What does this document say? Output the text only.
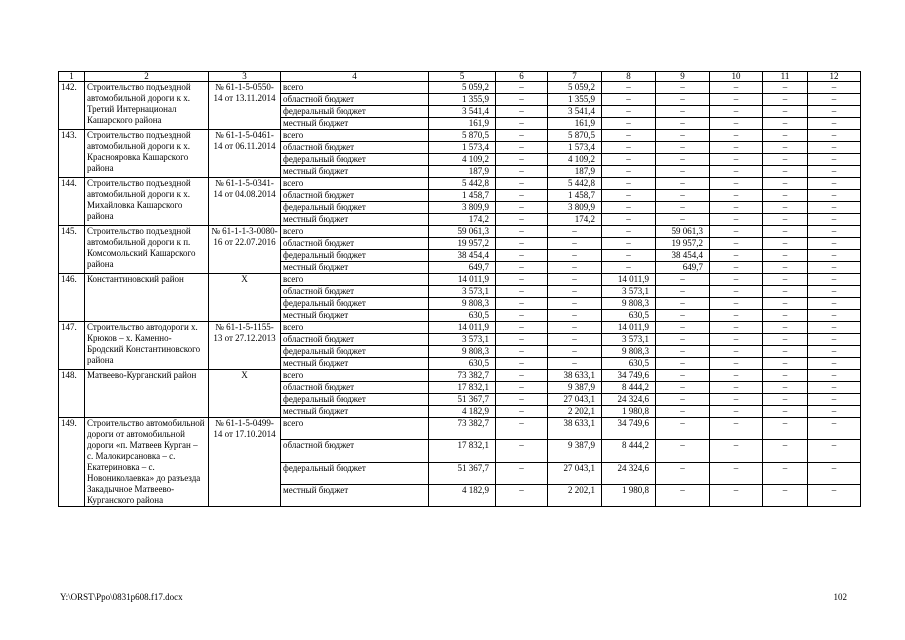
1	2	3	4	5	6	7	8	9	10	11	12
142.	Строительство подъездной автомобильной дороги к х. Третий Интернационал Кашарского района	№ 61-1-5-0550-14 от 13.11.2014	всего	5 059,2	–	5 059,2	–	–	–	–	–
			областной бюджет	1 355,9	–	1 355,9	–	–	–	–	–
			федеральный бюджет	3 541,4	–	3 541,4	–	–	–	–	–
			местный бюджет	161,9	–	161,9	–	–	–	–	–
143.	Строительство подъездной автомобильной дороги к х. Краснояровка Кашарского района	№ 61-1-5-0461-14 от 06.11.2014	всего	5 870,5	–	5 870,5	–	–	–	–	–
			областной бюджет	1 573,4	–	1 573,4	–	–	–	–	–
			федеральный бюджет	4 109,2	–	4 109,2	–	–	–	–	–
			местный бюджет	187,9	–	187,9	–	–	–	–	–
144.	Строительство подъездной автомобильной дороги к х. Михайловка Кашарского района	№ 61-1-5-0341-14 от 04.08.2014	всего	5 442,8	–	5 442,8	–	–	–	–	–
			областной бюджет	1 458,7	–	1 458,7	–	–	–	–	–
			федеральный бюджет	3 809,9	–	3 809,9	–	–	–	–	–
			местный бюджет	174,2	–	174,2	–	–	–	–	–
145.	Строительство подъездной автомобильной дороги к п. Комсомольский Кашарского района	№ 61-1-1-3-0080-16 от 22.07.2016	всего	59 061,3	–	–	–	59 061,3	–	–	–
			областной бюджет	19 957,2	–	–	–	19 957,2	–	–	–
			федеральный бюджет	38 454,4	–	–	–	38 454,4	–	–	–
			местный бюджет	649,7	–	–	–	649,7	–	–	–
146.	Константиновский район	Х	всего	14 011,9	–	–	14 011,9	–	–	–	–
			областной бюджет	3 573,1	–	–	3 573,1	–	–	–	–
			федеральный бюджет	9 808,3	–	–	9 808,3	–	–	–	–
			местный бюджет	630,5	–	–	630,5	–	–	–	–
147.	Строительство автодороги х. Крюков – х. Каменно-Бродский Константиновского района	№ 61-1-5-1155-13 от 27.12.2013	всего	14 011,9	–	–	14 011,9	–	–	–	–
			областной бюджет	3 573,1	–	–	3 573,1	–	–	–	–
			федеральный бюджет	9 808,3	–	–	9 808,3	–	–	–	–
			местный бюджет	630,5	–	–	630,5	–	–	–	–
148.	Матвеево-Курганский район	Х	всего	73 382,7	–	38 633,1	34 749,6	–	–	–	–
			областной бюджет	17 832,1	–	9 387,9	8 444,2	–	–	–	–
			федеральный бюджет	51 367,7	–	27 043,1	24 324,6	–	–	–	–
			местный бюджет	4 182,9	–	2 202,1	1 980,8	–	–	–	–
149.	Строительство автомобильной дороги от автомобильной дороги «п. Матвеев Курган – с. Малокирсановка – с. Екатериновка – с. Новониколаевка» до разъезда Закадычное Матвеево-Курганского района	№ 61-1-5-0499-14 от 17.10.2014	всего	73 382,7	–	38 633,1	34 749,6	–	–	–	–
			областной бюджет	17 832,1	–	9 387,9	8 444,2	–	–	–	–
			федеральный бюджет	51 367,7	–	27 043,1	24 324,6	–	–	–	–
			местный бюджет	4 182,9	–	2 202,1	1 980,8	–	–	–	–
Y:\ORST\Ppo\0831p608.f17.docx	102
